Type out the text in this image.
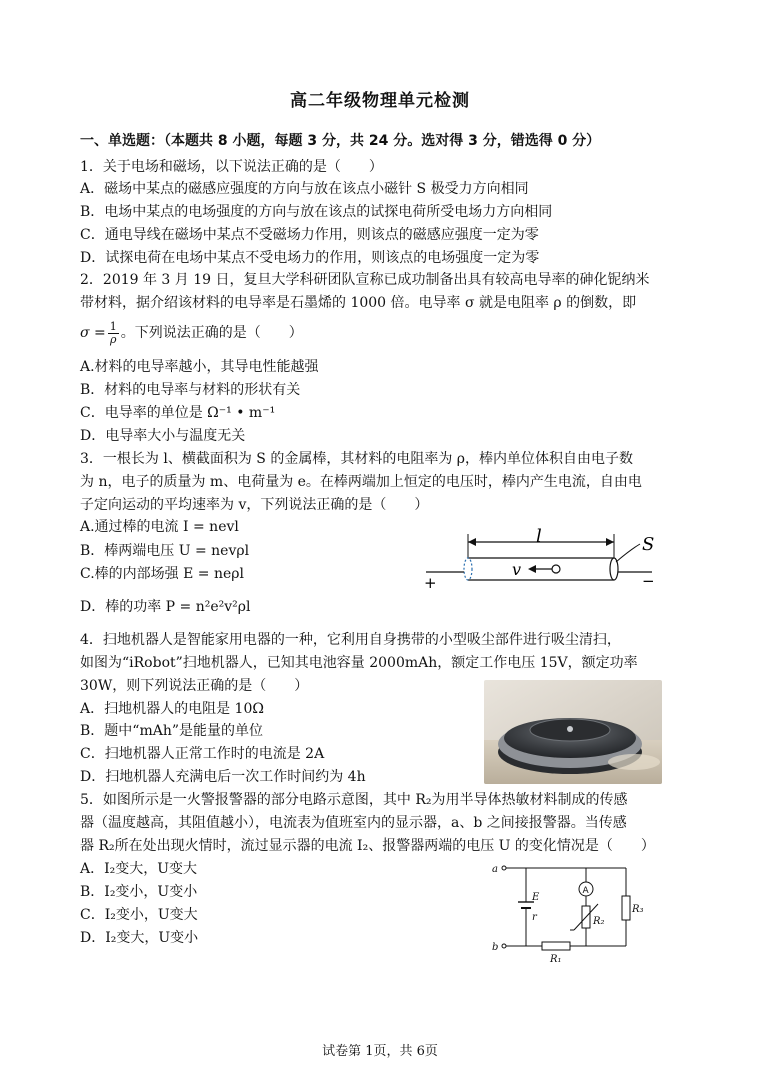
高二年级物理单元检测
一、单选题：（本题共 8 小题，每题 3 分，共 24 分。选对得 3 分，错选得 0 分）
1．关于电场和磁场，以下说法正确的是（　　）
A．磁场中某点的磁感应强度的方向与放在该点小磁针 S 极受力方向相同
B．电场中某点的电场强度的方向与放在该点的试探电荷所受电场力方向相同
C．通电导线在磁场中某点不受磁场力作用，则该点的磁感应强度一定为零
D．试探电荷在电场中某点不受电场力的作用，则该点的电场强度一定为零
2．2019 年 3 月 19 日，复旦大学科研团队宣称已成功制备出具有较高电导率的砷化铌纳米
带材料，据介绍该材料的电导率是石墨烯的 1000 倍。电导率 σ 就是电阻率 ρ 的倒数，即
$\sigma = \frac{1}{\rho}$ 。下列说法正确的是（　　）
A.材料的电导率越小，其导电性能越强
B．材料的电导率与材料的形状有关
C．电导率的单位是 Ω⁻¹ • m⁻¹
D．电导率大小与温度无关
3．一根长为 l、横截面积为 S 的金属棒，其材料的电阻率为 ρ，棒内单位体积自由电子数
为 n，电子的质量为 m、电荷量为 e。在棒两端加上恒定的电压时，棒内产生电流，自由电
子定向运动的平均速率为 v，下列说法正确的是（　　）
A.通过棒的电流 I = nevl
B．棒两端电压 U = nevρl
C.棒的内部场强 E = neρl
D．棒的功率 P = n²e²v²ρl
l
v
S
+	−
4．扫地机器人是智能家用电器的一种，它利用自身携带的小型吸尘部件进行吸尘清扫，
如图为“iRobot”扫地机器人，已知其电池容量 2000mAh，额定工作电压 15V，额定功率
30W，则下列说法正确的是（　　）
A．扫地机器人的电阻是 10Ω
B．题中“mAh”是能量的单位
C．扫地机器人正常工作时的电流是 2A
D．扫地机器人充满电后一次工作时间约为 4h
5．如图所示是一火警报警器的部分电路示意图，其中 R₂为用半导体热敏材料制成的传感
器（温度越高，其阻值越小），电流表为值班室内的显示器，a、b 之间接报警器。当传感
器 R₂所在处出现火情时，流过显示器的电流 I₂、报警器两端的电压 U 的变化情况是（　　）
A．I₂变大，U变大
B．I₂变小，U变小
C．I₂变小，U变大
D．I₂变大，U变小
a
b
E
r	R₂
R₃
R₁
A
试卷第 1页，共 6页
